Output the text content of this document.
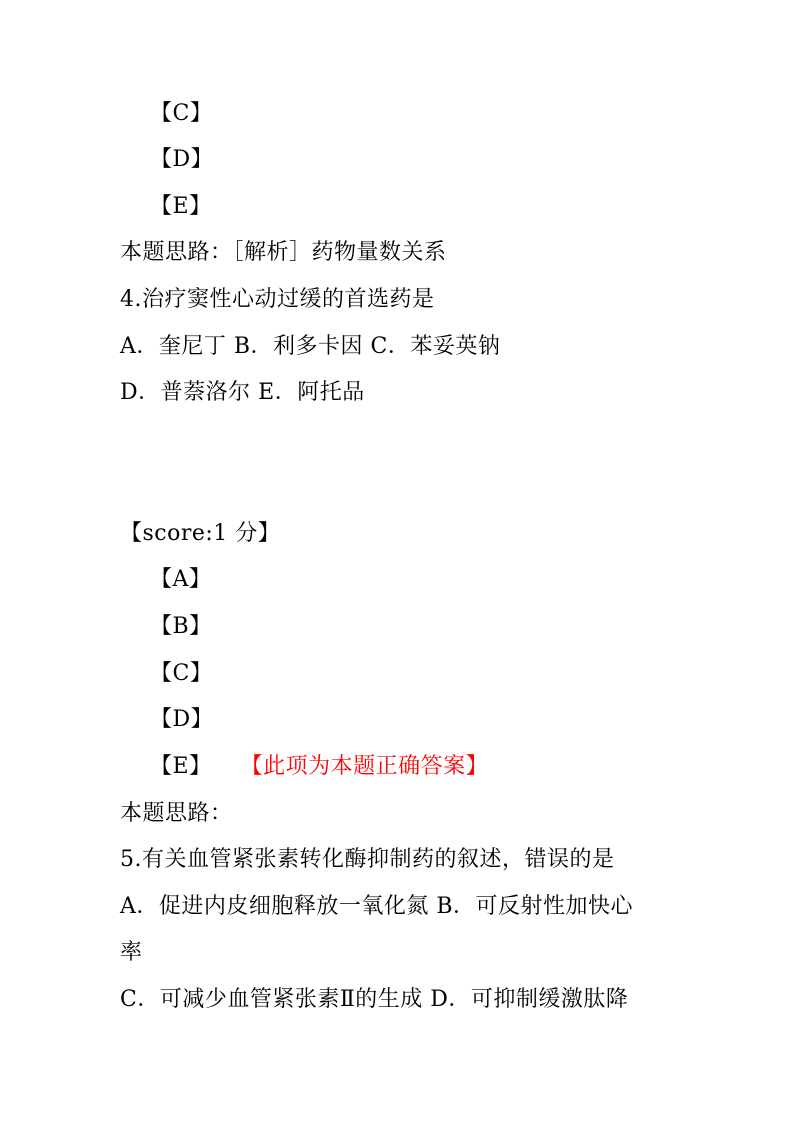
【C】
【D】
【E】
本题思路：［解析］药物量数关系
4.治疗窦性心动过缓的首选药是
A．奎尼丁 B．利多卡因 C．苯妥英钠
D．普萘洛尔 E．阿托品
【score:1 分】
【A】
【B】
【C】
【D】
【E】 【此项为本题正确答案】
本题思路：
5.有关血管紧张素转化酶抑制药的叙述，错误的是
A．促进内皮细胞释放一氧化氮 B．可反射性加快心
率
C．可减少血管紧张素Ⅱ的生成 D．可抑制缓激肽降
